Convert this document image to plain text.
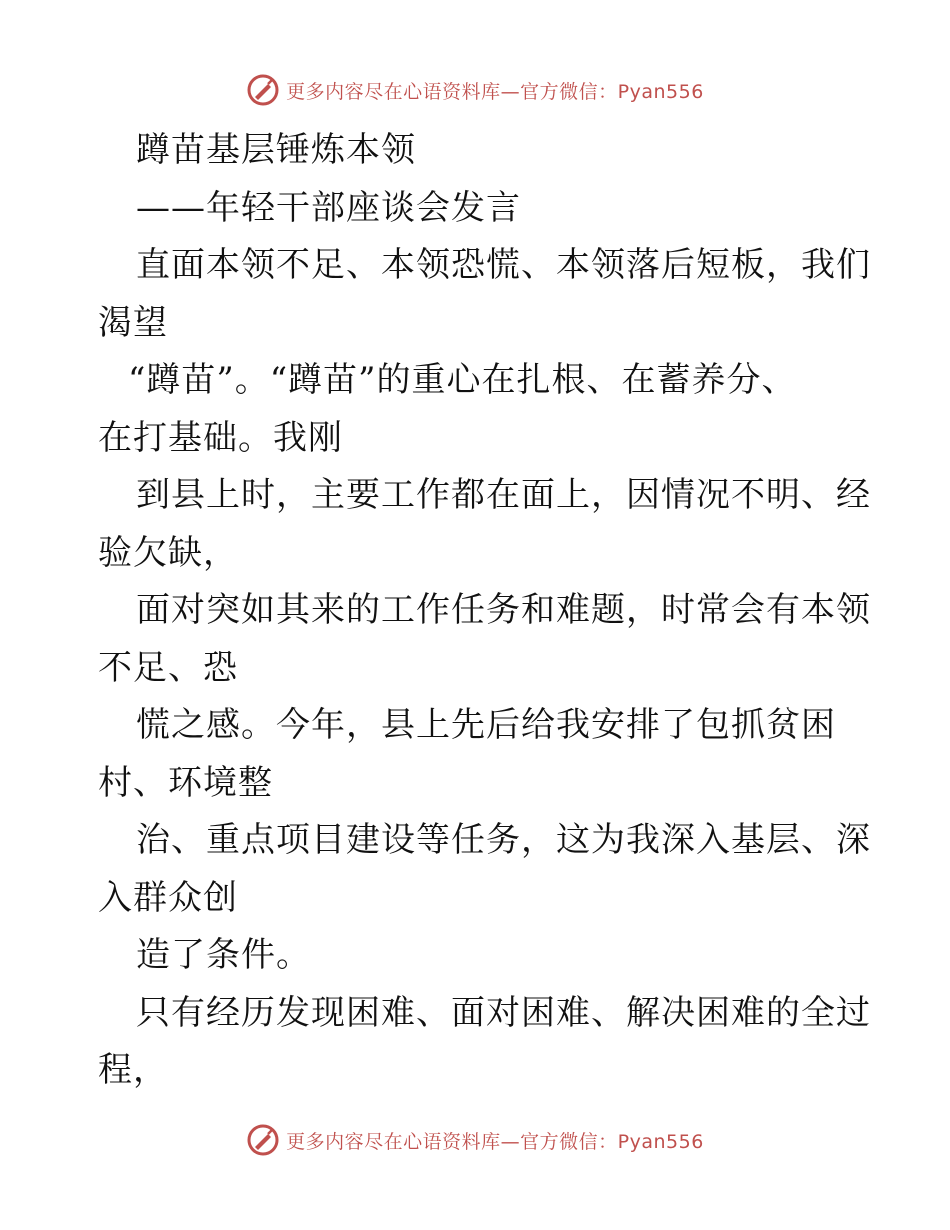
更多内容尽在心语资料库—官方微信：Pyan556
蹲苗基层锤炼本领
——年轻干部座谈会发言
直面本领不足、本领恐慌、本领落后短板，我们
渴望
“蹲苗”。“蹲苗”的重心在扎根、在蓄养分、
在打基础。我刚
到县上时，主要工作都在面上，因情况不明、经
验欠缺，
面对突如其来的工作任务和难题，时常会有本领
不足、恐
慌之感。今年，县上先后给我安排了包抓贫困
村、环境整
治、重点项目建设等任务，这为我深入基层、深
入群众创
造了条件。
只有经历发现困难、面对困难、解决困难的全过
程，
更多内容尽在心语资料库—官方微信：Pyan556
